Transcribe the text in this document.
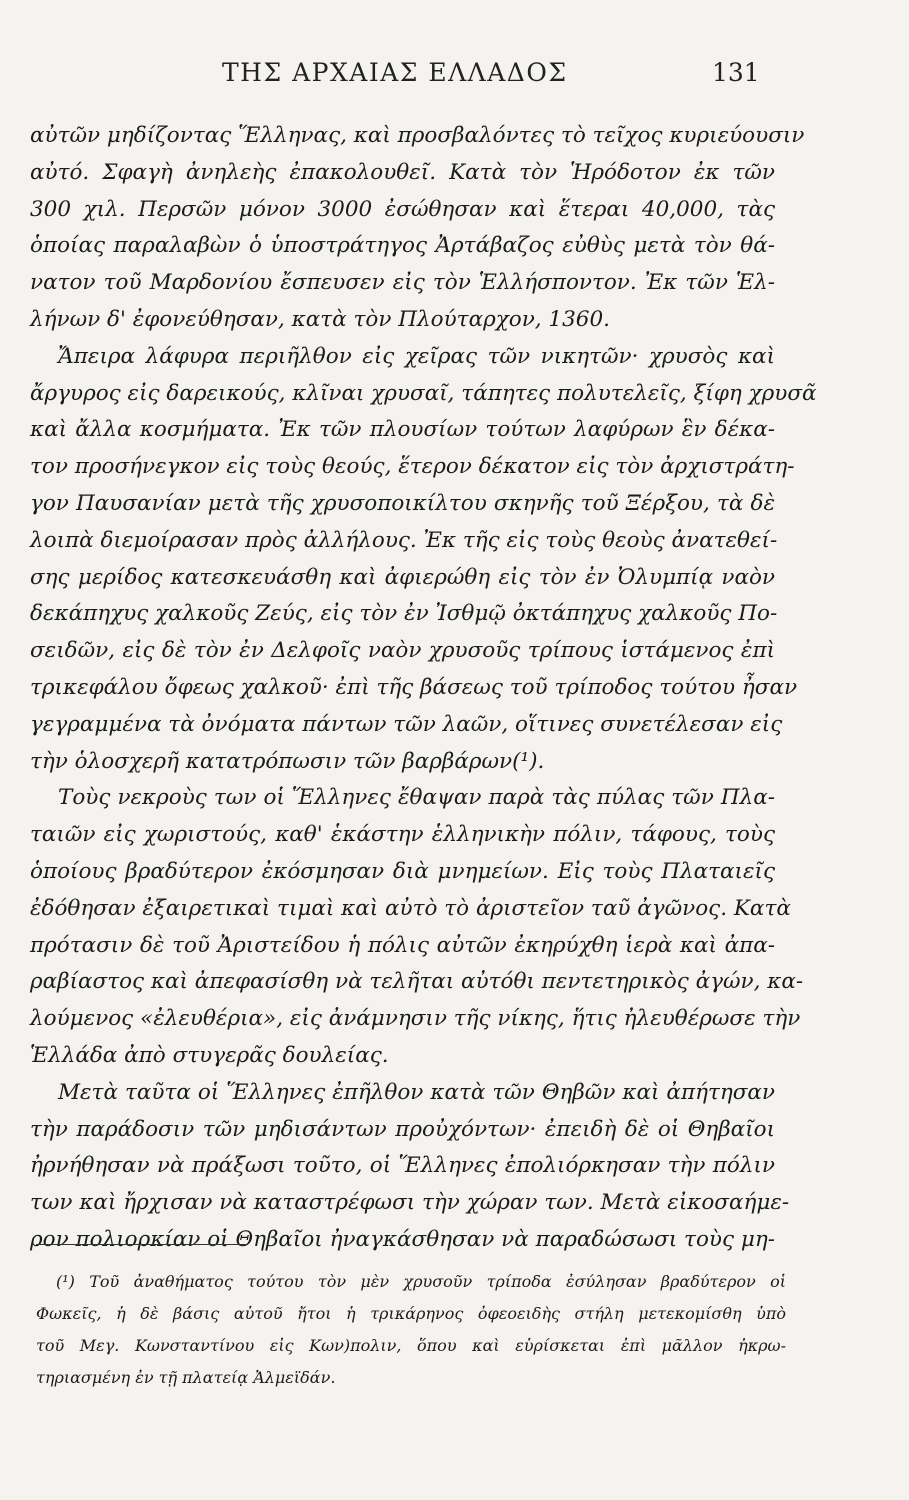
ΤΗΣ ΑΡΧΑΙΑΣ ΕΛΛΑΔΟΣ	131
αὐτῶν μηδίζοντας Ἕλληνας, καὶ προσβαλόντες τὸ τεῖχος κυριεύουσιν
αὐτό. Σφαγὴ ἀνηλεὴς ἐπακολουθεῖ. Κατὰ τὸν Ἡρόδοτον ἐκ τῶν
300 χιλ. Περσῶν μόνον 3000 ἐσώθησαν καὶ ἕτεραι 40,000, τὰς
ὁποίας παραλαβὼν ὁ ὑποστράτηγος Ἀρτάβαζος εὐθὺς μετὰ τὸν θά-
νατον τοῦ Μαρδονίου ἔσπευσεν εἰς τὸν Ἑλλήσποντον. Ἐκ τῶν Ἑλ-
λήνων δ' ἐφονεύθησαν, κατὰ τὸν Πλούταρχον, 1360.
Ἄπειρα λάφυρα περιῆλθον εἰς χεῖρας τῶν νικητῶν· χρυσὸς καὶ
ἄργυρος εἰς δαρεικούς, κλῖναι χρυσαῖ, τάπητες πολυτελεῖς, ξίφη χρυσᾶ
καὶ ἄλλα κοσμήματα. Ἐκ τῶν πλουσίων τούτων λαφύρων ἓν δέκα-
τον προσήνεγκον εἰς τοὺς θεούς, ἕτερον δέκατον εἰς τὸν ἀρχιστράτη-
γον Παυσανίαν μετὰ τῆς χρυσοποικίλτου σκηνῆς τοῦ Ξέρξου, τὰ δὲ
λοιπὰ διεμοίρασαν πρὸς ἀλλήλους. Ἐκ τῆς εἰς τοὺς θεοὺς ἀνατεθεί-
σης μερίδος κατεσκευάσθη καὶ ἀφιερώθη εἰς τὸν ἐν Ὀλυμπίᾳ ναὸν
δεκάπηχυς χαλκοῦς Ζεύς, εἰς τὸν ἐν Ἰσθμῷ ὀκτάπηχυς χαλκοῦς Πο-
σειδῶν, εἰς δὲ τὸν ἐν Δελφοῖς ναὸν χρυσοῦς τρίπους ἱστάμενος ἐπὶ
τρικεφάλου ὄφεως χαλκοῦ· ἐπὶ τῆς βάσεως τοῦ τρίποδος τούτου ἦσαν
γεγραμμένα τὰ ὀνόματα πάντων τῶν λαῶν, οἵτινες συνετέλεσαν εἰς
τὴν ὁλοσχερῆ κατατρόπωσιν τῶν βαρβάρων(¹).
Τοὺς νεκροὺς των οἱ Ἕλληνες ἔθαψαν παρὰ τὰς πύλας τῶν Πλα-
ταιῶν εἰς χωριστούς, καθ' ἑκάστην ἑλληνικὴν πόλιν, τάφους, τοὺς
ὁποίους βραδύτερον ἐκόσμησαν διὰ μνημείων. Εἰς τοὺς Πλαταιεῖς
ἐδόθησαν ἐξαιρετικαὶ τιμαὶ καὶ αὐτὸ τὸ ἀριστεῖον ταῦ ἀγῶνος. Κατὰ
πρότασιν δὲ τοῦ Ἀριστείδου ἡ πόλις αὐτῶν ἐκηρύχθη ἱερὰ καὶ ἀπα-
ραβίαστος καὶ ἀπεφασίσθη νὰ τελῆται αὐτόθι πεντετηρικὸς ἀγών, κα-
λούμενος «ἐλευθέρια», εἰς ἀνάμνησιν τῆς νίκης, ἥτις ἠλευθέρωσε τὴν
Ἑλλάδα ἀπὸ στυγερᾶς δουλείας.
Μετὰ ταῦτα οἱ Ἕλληνες ἐπῆλθον κατὰ τῶν Θηβῶν καὶ ἀπήτησαν
τὴν παράδοσιν τῶν μηδισάντων προὐχόντων· ἐπειδὴ δὲ οἱ Θηβαῖοι
ἠρνήθησαν νὰ πράξωσι τοῦτο, οἱ Ἕλληνες ἐπολιόρκησαν τὴν πόλιν
των καὶ ἤρχισαν νὰ καταστρέφωσι τὴν χώραν των. Μετὰ εἰκοσαήμε-
ρον πολιορκίαν οἱ Θηβαῖοι ἠναγκάσθησαν νὰ παραδώσωσι τοὺς μη-
(¹) Τοῦ ἀναθήματος τούτου τὸν μὲν χρυσοῦν τρίποδα ἐσύλησαν βραδύτερον οἱ
Φωκεῖς, ἡ δὲ βάσις αὐτοῦ ἤτοι ἡ τρικάρηνος ὀφεοειδὴς στήλη μετεκομίσθη ὑπὸ
τοῦ Μεγ. Κωνσταντίνου εἰς Κων)πολιν, ὅπου καὶ εὑρίσκεται ἐπὶ μᾶλλον ἠκρω-
τηριασμένη ἐν τῇ πλατείᾳ Ἀλμεϊδάν.
